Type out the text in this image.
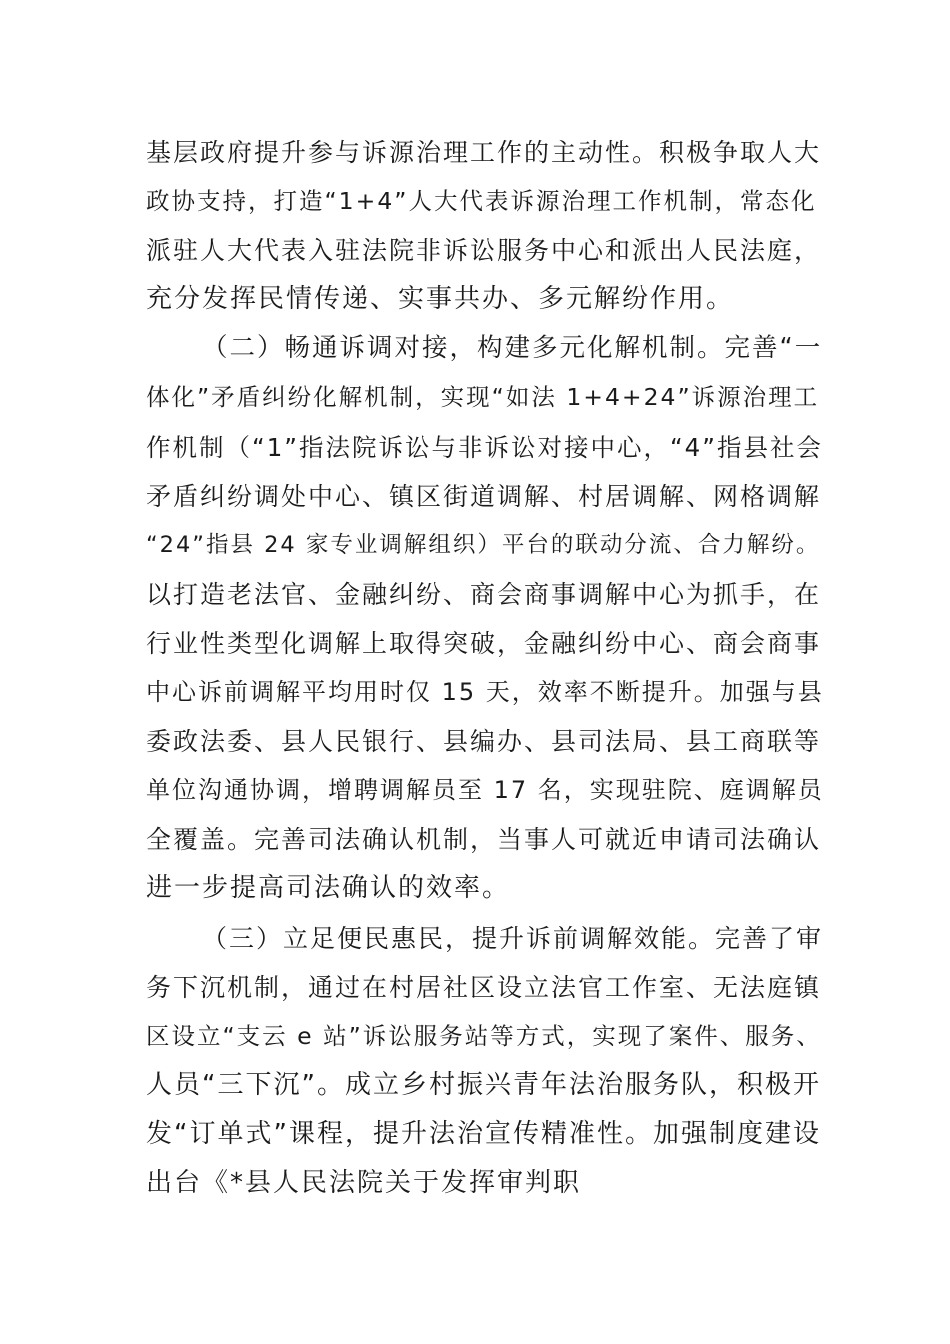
基层政府提升参与诉源治理工作的主动性。积极争取人大
政协支持，打造“1+4”人大代表诉源治理工作机制，常态化
派驻人大代表入驻法院非诉讼服务中心和派出人民法庭，
充分发挥民情传递、实事共办、多元解纷作用。
（二）畅通诉调对接，构建多元化解机制。完善“一
体化”矛盾纠纷化解机制，实现“如法 1+4+24”诉源治理工
作机制（“1”指法院诉讼与非诉讼对接中心，“4”指县社会
矛盾纠纷调处中心、镇区街道调解、村居调解、网格调解
“24”指县 24 家专业调解组织）平台的联动分流、合力解纷。
以打造老法官、金融纠纷、商会商事调解中心为抓手，在
行业性类型化调解上取得突破，金融纠纷中心、商会商事
中心诉前调解平均用时仅 15 天，效率不断提升。加强与县
委政法委、县人民银行、县编办、县司法局、县工商联等
单位沟通协调，增聘调解员至 17 名，实现驻院、庭调解员
全覆盖。完善司法确认机制，当事人可就近申请司法确认
进一步提高司法确认的效率。
（三）立足便民惠民，提升诉前调解效能。完善了审
务下沉机制，通过在村居社区设立法官工作室、无法庭镇
区设立“支云 e 站”诉讼服务站等方式，实现了案件、服务、
人员“三下沉”。成立乡村振兴青年法治服务队，积极开
发“订单式”课程，提升法治宣传精准性。加强制度建设
出台《*县人民法院关于发挥审判职
